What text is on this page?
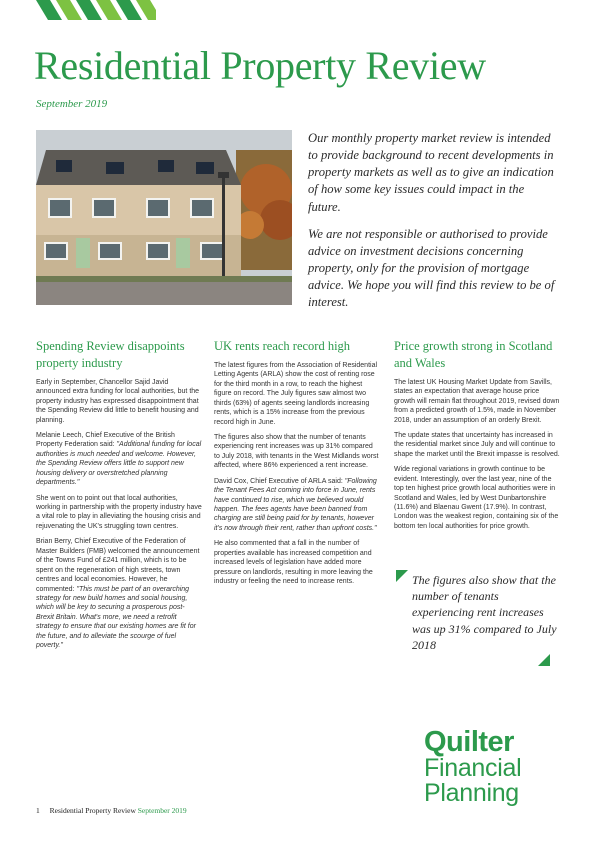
Residential Property Review
September 2019

Our monthly property market review is intended to provide background to recent developments in property markets as well as to give an indication of how some key issues could impact in the future.

We are not responsible or authorised to provide advice on investment decisions concerning property, only for the provision of mortgage advice. We hope you will find this review to be of interest.

Spending Review disappoints property industry

Early in September, Chancellor Sajid Javid announced extra funding for local authorities, but the property industry has expressed disappointment that the Spending Review did little to benefit housing and planning.

Melanie Leech, Chief Executive of the British Property Federation said: "Additional funding for local authorities is much needed and welcome. However, the Spending Review offers little to support new housing delivery or overstretched planning departments."

She went on to point out that local authorities, working in partnership with the property industry have a vital role to play in alleviating the housing crisis and rejuvenating the UK's struggling town centres.

Brian Berry, Chief Executive of the Federation of Master Builders (FMB) welcomed the announcement of the Towns Fund of £241 million, which is to be spent on the regeneration of high streets, town centres and local economies. However, he commented: "This must be part of an overarching strategy for new build homes and social housing, which will be key to securing a prosperous post-Brexit Britain. What's more, we need a retrofit strategy to ensure that our existing homes are fit for the future, and to alleviate the scourge of fuel poverty."

UK rents reach record high

The latest figures from the Association of Residential Letting Agents (ARLA) show the cost of renting rose for the third month in a row, to reach the highest figure on record. The July figures saw almost two thirds (63%) of agents seeing landlords increasing rents, which is a 15% increase from the previous record high in June.

The figures also show that the number of tenants experiencing rent increases was up 31% compared to July 2018, with tenants in the West Midlands worst affected, where 86% experienced a rent increase.

David Cox, Chief Executive of ARLA said: "Following the Tenant Fees Act coming into force in June, rents have continued to rise, which we believed would happen. The fees agents have been banned from charging are still being paid for by tenants, however it's now through their rent, rather than upfront costs."

He also commented that a fall in the number of properties available has increased competition and increased levels of legislation have added more pressure on landlords, resulting in more leaving the industry or feeling the need to increase rents.

Price growth strong in Scotland and Wales

The latest UK Housing Market Update from Savills, states an expectation that average house price growth will remain flat throughout 2019, revised down from a predicted growth of 1.5%, made in November 2018, under an assumption of an orderly Brexit.

The update states that uncertainty has increased in the residential market since July and will continue to shape the market until the Brexit impasse is resolved.

Wide regional variations in growth continue to be evident. Interestingly, over the last year, nine of the top ten highest price growth local authorities were in Scotland and Wales, led by West Dunbartonshire (11.6%) and Blaenau Gwent (17.9%). In contrast, London was the weakest region, containing six of the bottom ten local authorities for price growth.

The figures also show that the number of tenants experiencing rent increases was up 31% compared to July 2018
Quilter
Financial
Planning
1 Residential Property Review September 2019
